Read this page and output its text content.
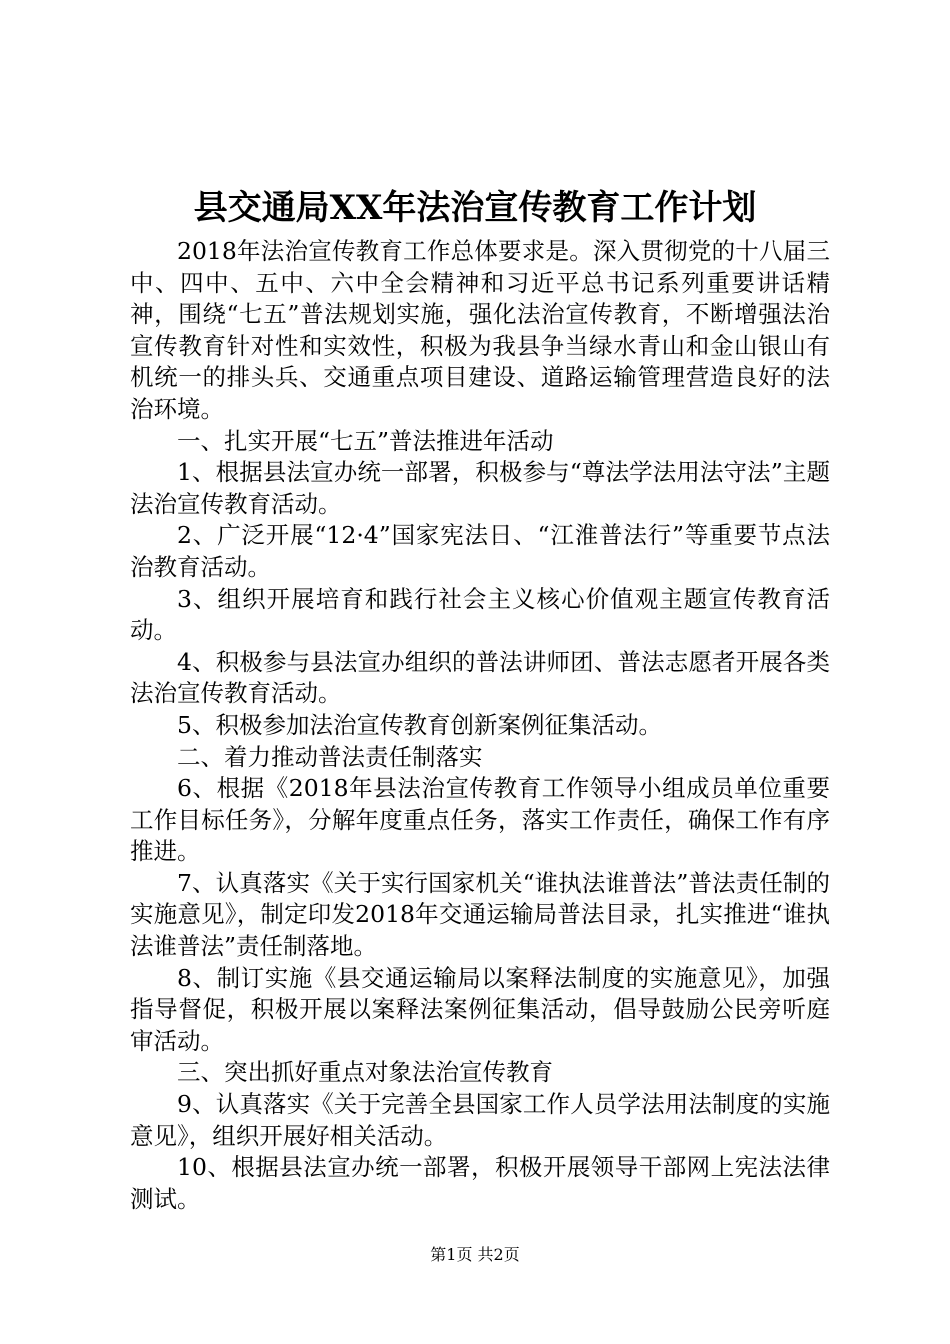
县交通局XX年法治宣传教育工作计划

2018年法治宣传教育工作总体要求是。深入贯彻党的十八届三中、四中、五中、六中全会精神和习近平总书记系列重要讲话精神，围绕“七五”普法规划实施，强化法治宣传教育，不断增强法治宣传教育针对性和实效性，积极为我县争当绿水青山和金山银山有机统一的排头兵、交通重点项目建设、道路运输管理营造良好的法治环境。

一、扎实开展“七五”普法推进年活动

1、根据县法宣办统一部署，积极参与“尊法学法用法守法”主题法治宣传教育活动。

2、广泛开展“12·4”国家宪法日、“江淮普法行”等重要节点法治教育活动。

3、组织开展培育和践行社会主义核心价值观主题宣传教育活动。

4、积极参与县法宣办组织的普法讲师团、普法志愿者开展各类法治宣传教育活动。

5、积极参加法治宣传教育创新案例征集活动。

二、着力推动普法责任制落实

6、根据《2018年县法治宣传教育工作领导小组成员单位重要工作目标任务》，分解年度重点任务，落实工作责任，确保工作有序推进。

7、认真落实《关于实行国家机关“谁执法谁普法”普法责任制的实施意见》，制定印发2018年交通运输局普法目录，扎实推进“谁执法谁普法”责任制落地。

8、制订实施《县交通运输局以案释法制度的实施意见》，加强指导督促，积极开展以案释法案例征集活动，倡导鼓励公民旁听庭审活动。

三、突出抓好重点对象法治宣传教育

9、认真落实《关于完善全县国家工作人员学法用法制度的实施意见》，组织开展好相关活动。

10、根据县法宣办统一部署，积极开展领导干部网上宪法法律测试。

第1页 共2页
